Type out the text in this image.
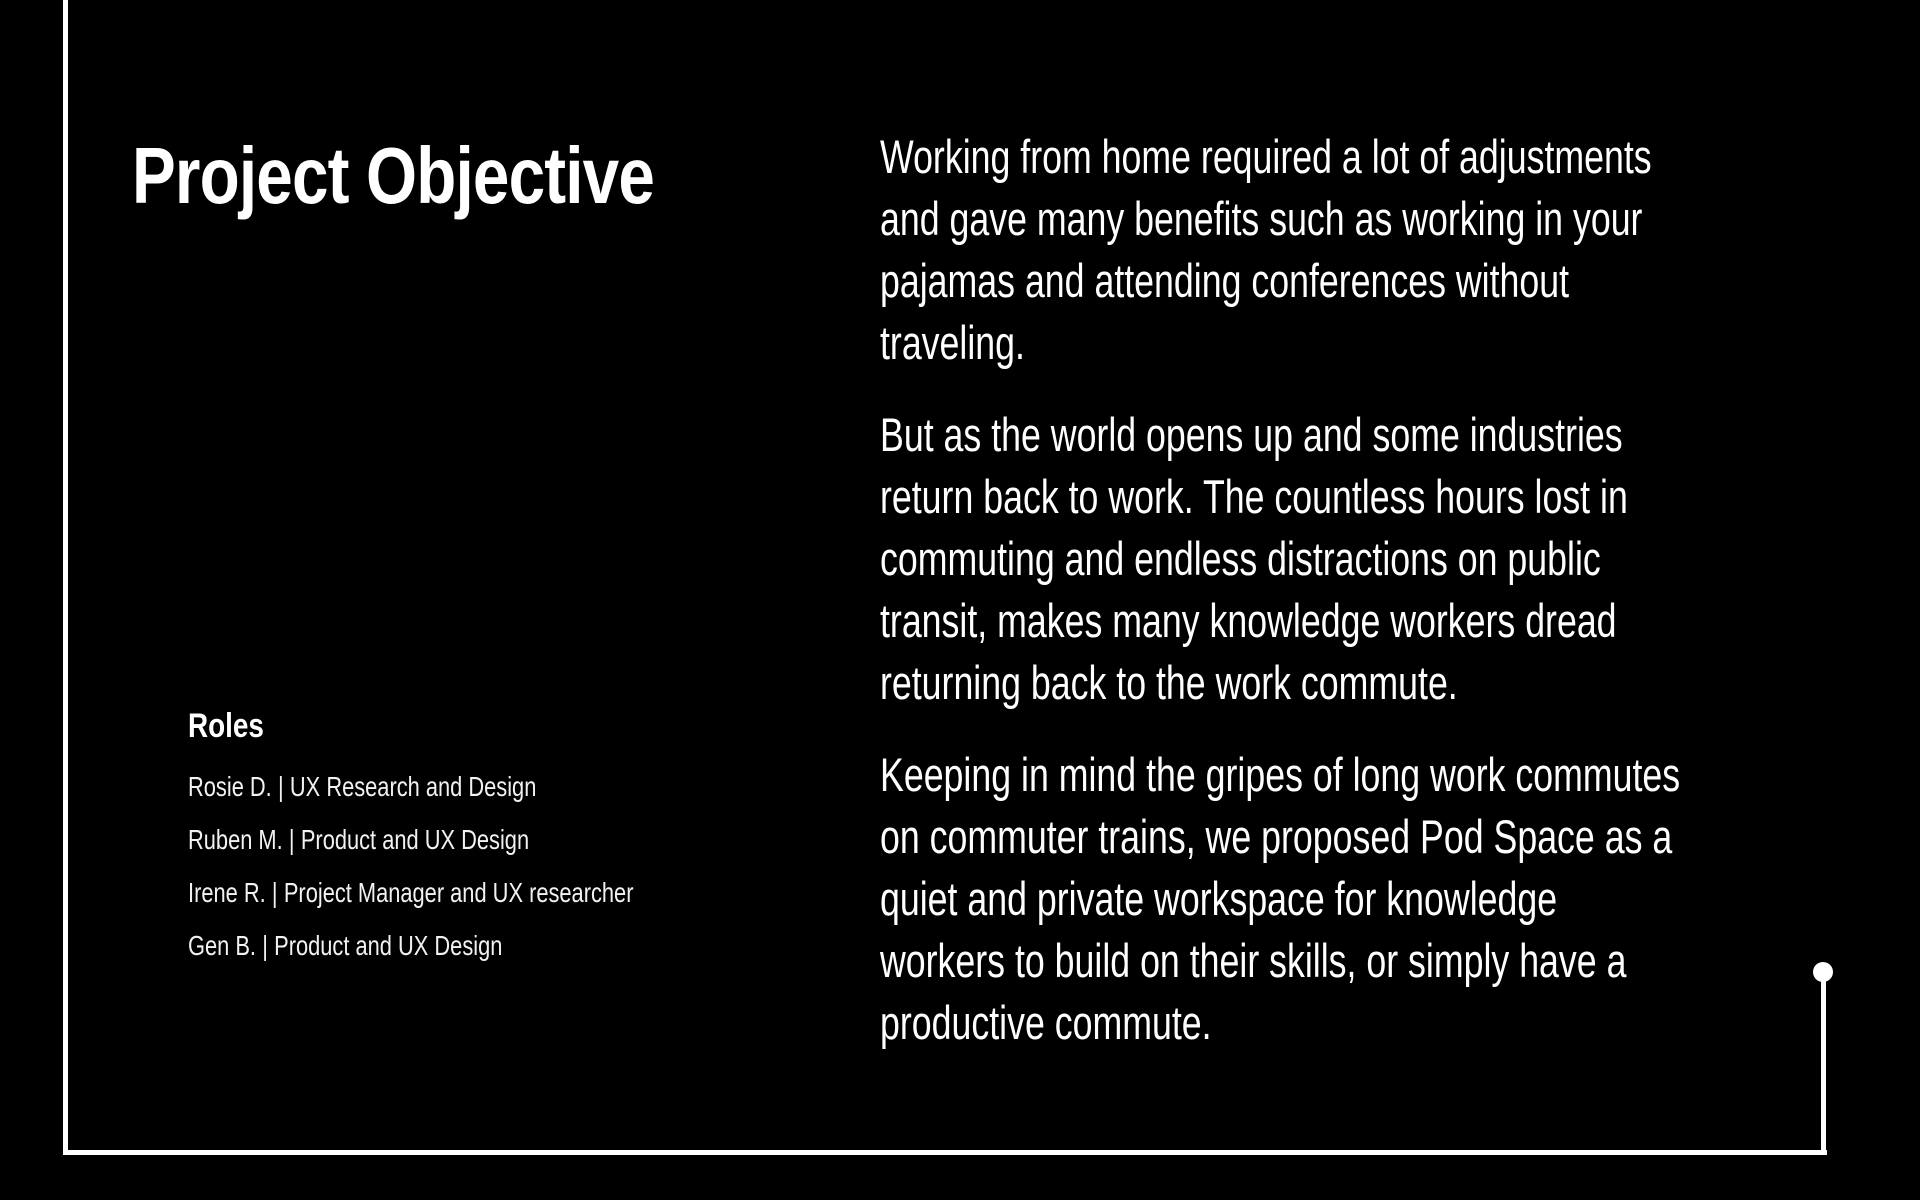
Project Objective
Roles
Rosie D. | UX Research and Design
Ruben M. | Product and UX Design
Irene R. | Project Manager and UX researcher
Gen B. | Product and UX Design

Working from home required a lot of adjustments and gave many benefits such as working in your pajamas and attending conferences without traveling.

But as the world opens up and some industries return back to work. The countless hours lost in commuting and endless distractions on public transit, makes many knowledge workers dread returning back to the work commute.

Keeping in mind the gripes of long work commutes on commuter trains, we proposed Pod Space as a quiet and private workspace for knowledge workers to build on their skills, or simply have a productive commute.
